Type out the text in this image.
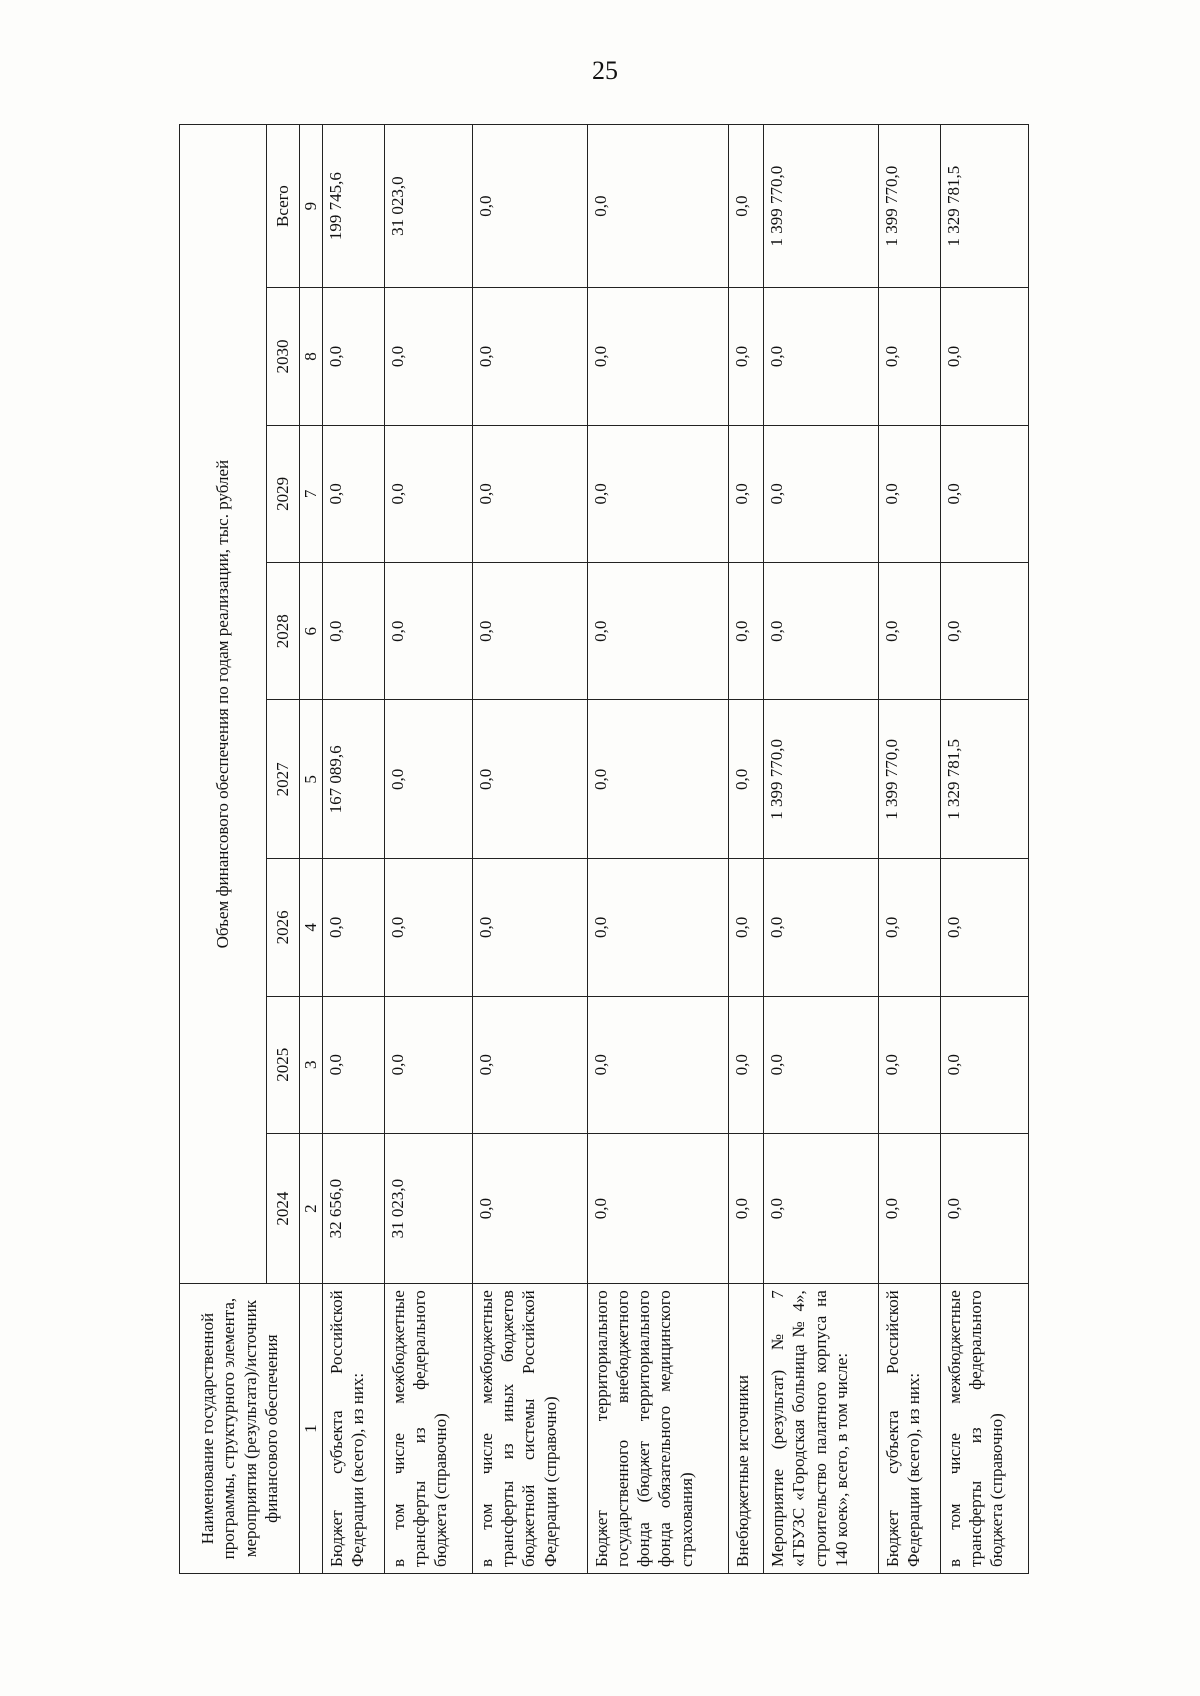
25
Наименование государственной программы, структурного элемента, мероприятия (результата)/источник финансового обеспечения	Объем финансового обеспечения по годам реализации, тыс. рублей							
	2024	2025	2026	2027	2028	2029	2030	Всего
1	2	3	4	5	6	7	8	9
Бюджет субъекта Российской Федерации (всего), из них:	32 656,0	0,0	0,0	167 089,6	0,0	0,0	0,0	199 745,6
в том числе межбюджетные трансферты из федерального бюджета (справочно)	31 023,0	0,0	0,0	0,0	0,0	0,0	0,0	31 023,0
в том числе межбюджетные трансферты из иных бюджетов бюджетной системы Российской Федерации (справочно)	0,0	0,0	0,0	0,0	0,0	0,0	0,0	0,0
Бюджет территориального государственного внебюджетного фонда (бюджет территориального фонда обязательного медицинского страхования)	0,0	0,0	0,0	0,0	0,0	0,0	0,0	0,0
Внебюджетные источники	0,0	0,0	0,0	0,0	0,0	0,0	0,0	0,0
Мероприятие (результат) № 7 «ГБУЗС «Городская больница № 4», строительство палатного корпуса на 140 коек», всего, в том числе:	0,0	0,0	0,0	1 399 770,0	0,0	0,0	0,0	1 399 770,0
Бюджет субъекта Российской Федерации (всего), из них:	0,0	0,0	0,0	1 399 770,0	0,0	0,0	0,0	1 399 770,0
в том числе межбюджетные трансферты из федерального бюджета (справочно)	0,0	0,0	0,0	1 329 781,5	0,0	0,0	0,0	1 329 781,5
